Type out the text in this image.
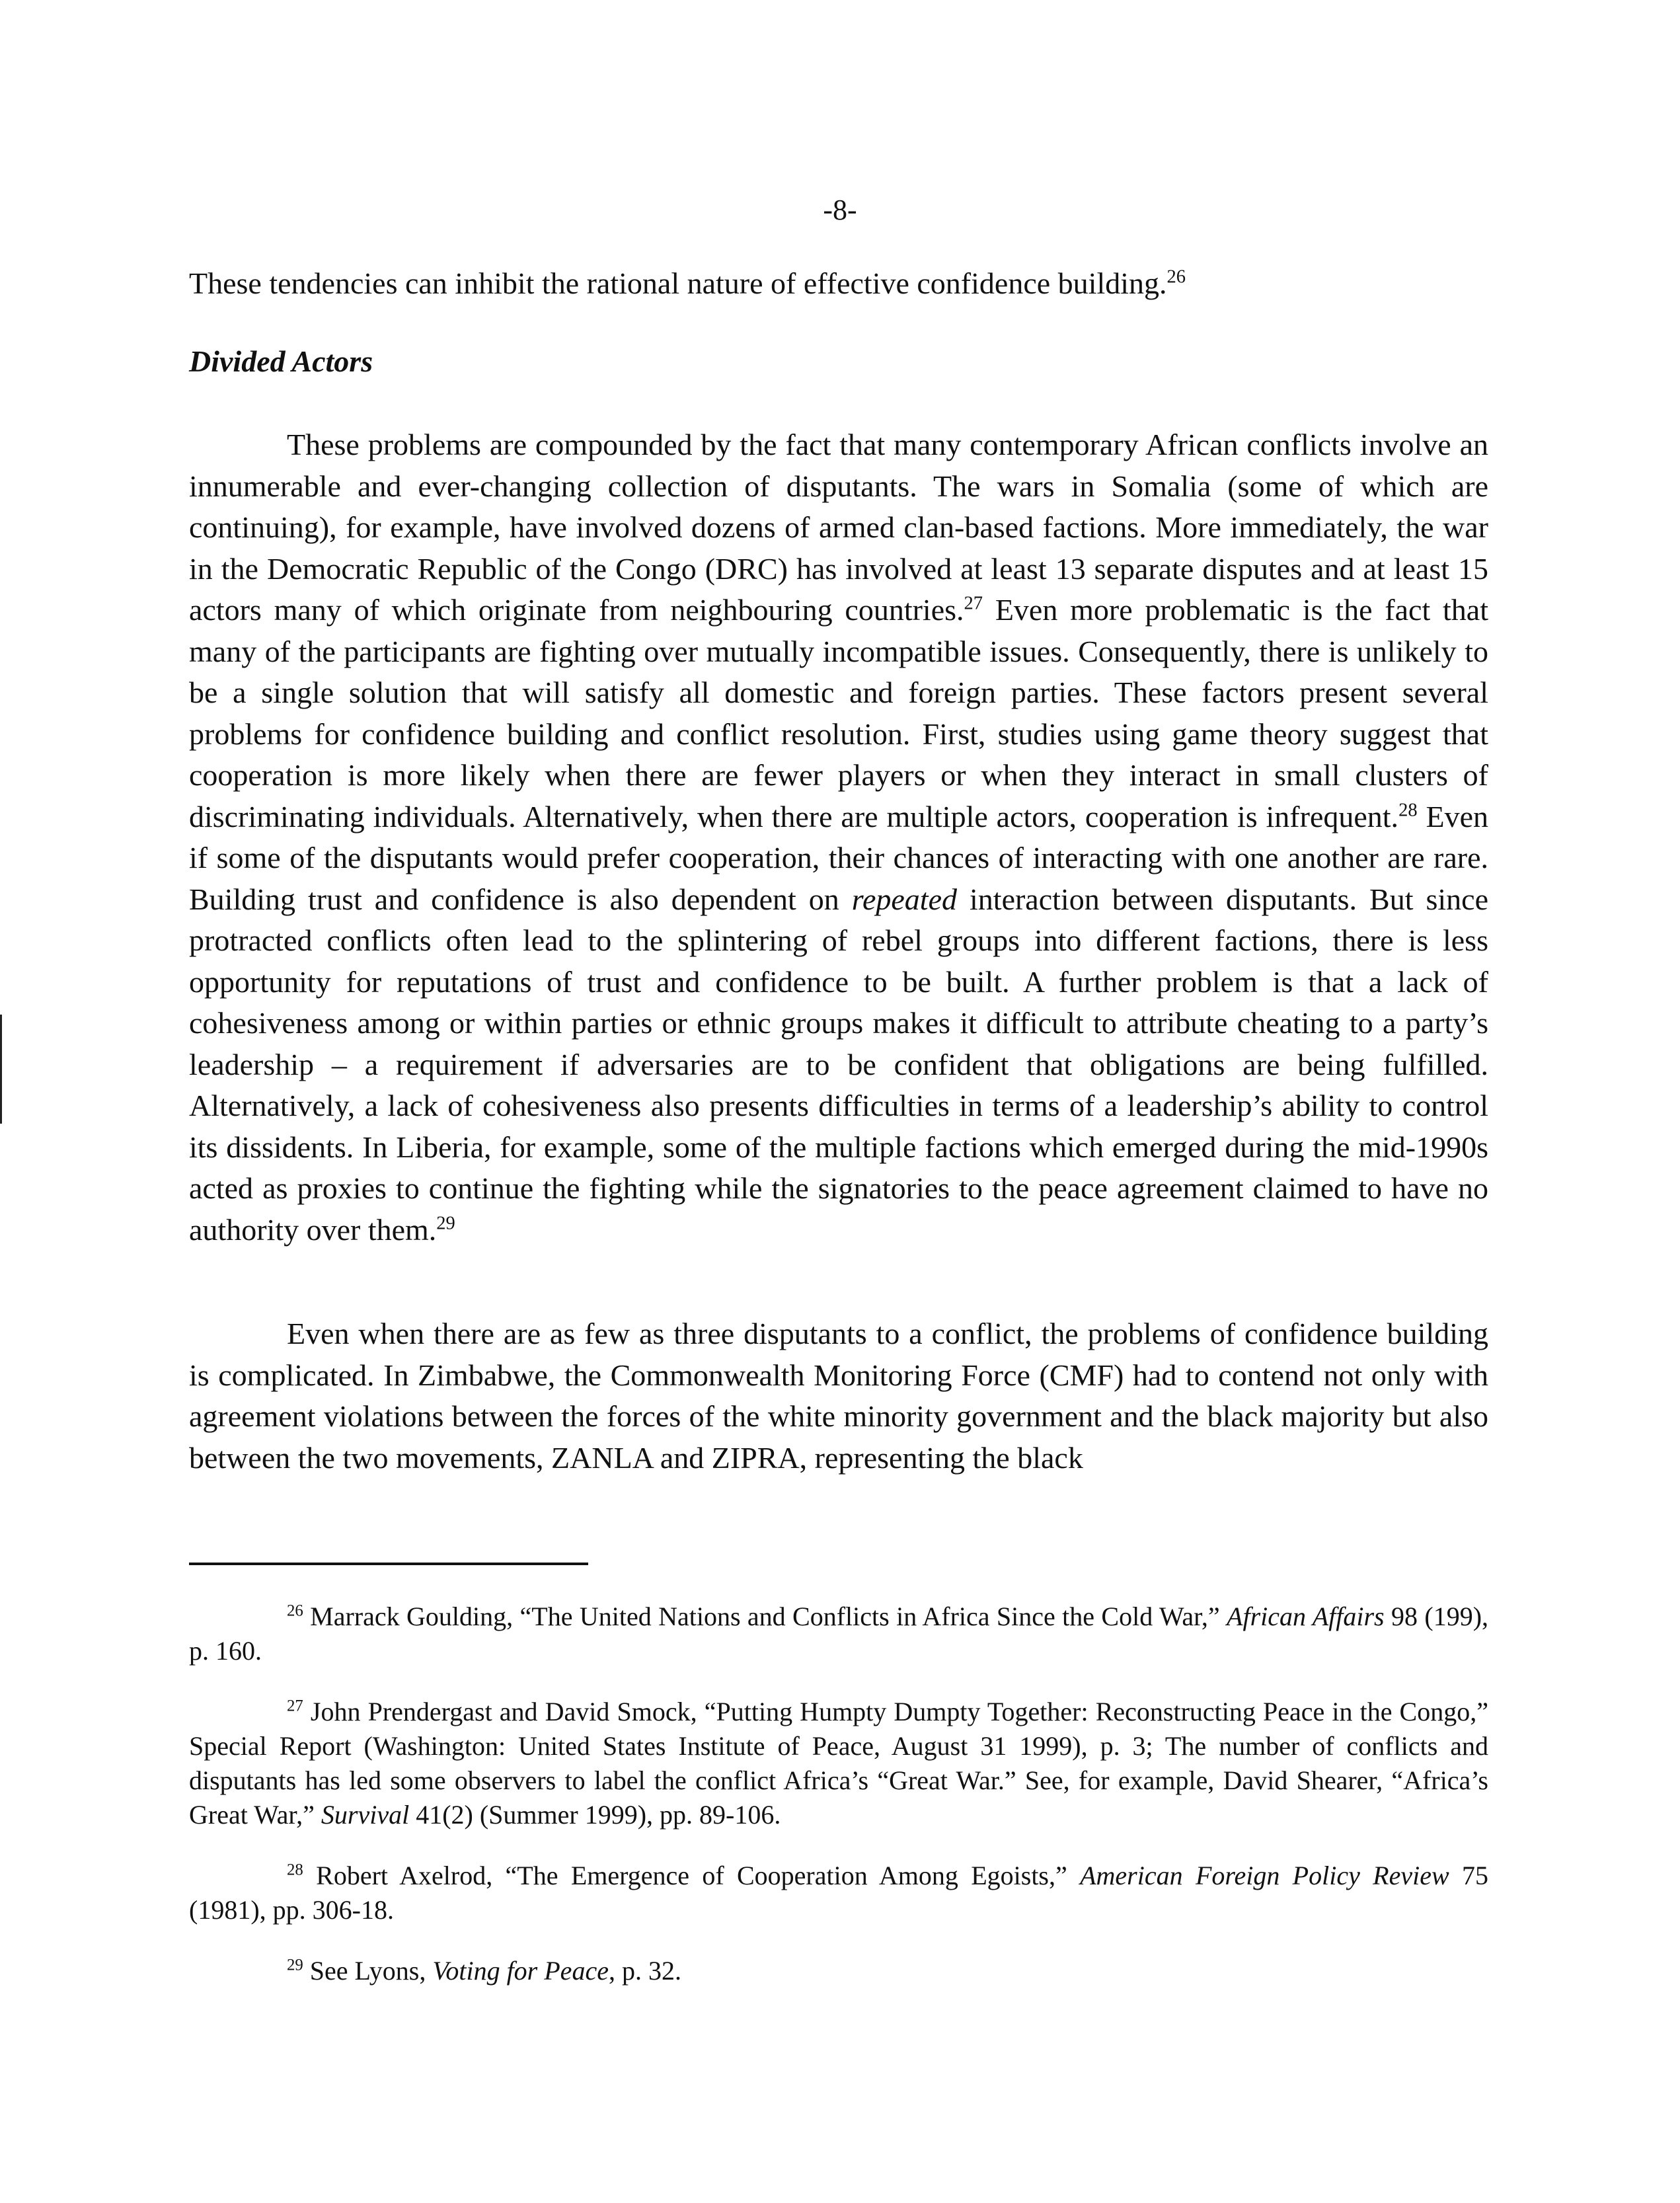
-8-

These tendencies can inhibit the rational nature of effective confidence building.$^{26}$

Divided Actors

These problems are compounded by the fact that many contemporary African conflicts involve an innumerable and ever-changing collection of disputants. The wars in Somalia (some of which are continuing), for example, have involved dozens of armed clan-based factions. More immediately, the war in the Democratic Republic of the Congo (DRC) has involved at least 13 separate disputes and at least 15 actors many of which originate from neighbouring countries.$^{27}$ Even more problematic is the fact that many of the participants are fighting over mutually incompatible issues. Consequently, there is unlikely to be a single solution that will satisfy all domestic and foreign parties. These factors present several problems for confidence building and conflict resolution. First, studies using game theory suggest that cooperation is more likely when there are fewer players or when they interact in small clusters of discriminating individuals. Alternatively, when there are multiple actors, cooperation is infrequent.$^{28}$ Even if some of the disputants would prefer cooperation, their chances of interacting with one another are rare. Building trust and confidence is also dependent on repeated interaction between disputants. But since protracted conflicts often lead to the splintering of rebel groups into different factions, there is less opportunity for reputations of trust and confidence to be built. A further problem is that a lack of cohesiveness among or within parties or ethnic groups makes it difficult to attribute cheating to a party’s leadership – a requirement if adversaries are to be confident that obligations are being fulfilled. Alternatively, a lack of cohesiveness also presents difficulties in terms of a leadership’s ability to control its dissidents. In Liberia, for example, some of the multiple factions which emerged during the mid-1990s acted as proxies to continue the fighting while the signatories to the peace agreement claimed to have no authority over them.$^{29}$

Even when there are as few as three disputants to a conflict, the problems of confidence building is complicated. In Zimbabwe, the Commonwealth Monitoring Force (CMF) had to contend not only with agreement violations between the forces of the white minority government and the black majority but also between the two movements, ZANLA and ZIPRA, representing the black

$^{26}$ Marrack Goulding, “The United Nations and Conflicts in Africa Since the Cold War,” African Affairs 98 (199), p. 160.

$^{27}$ John Prendergast and David Smock, “Putting Humpty Dumpty Together: Reconstructing Peace in the Congo,” Special Report (Washington: United States Institute of Peace, August 31 1999), p. 3; The number of conflicts and disputants has led some observers to label the conflict Africa’s “Great War.” See, for example, David Shearer, “Africa’s Great War,” Survival 41(2) (Summer 1999), pp. 89-106.

$^{28}$ Robert Axelrod, “The Emergence of Cooperation Among Egoists,” American Foreign Policy Review 75 (1981), pp. 306-18.

$^{29}$ See Lyons, Voting for Peace, p. 32.
